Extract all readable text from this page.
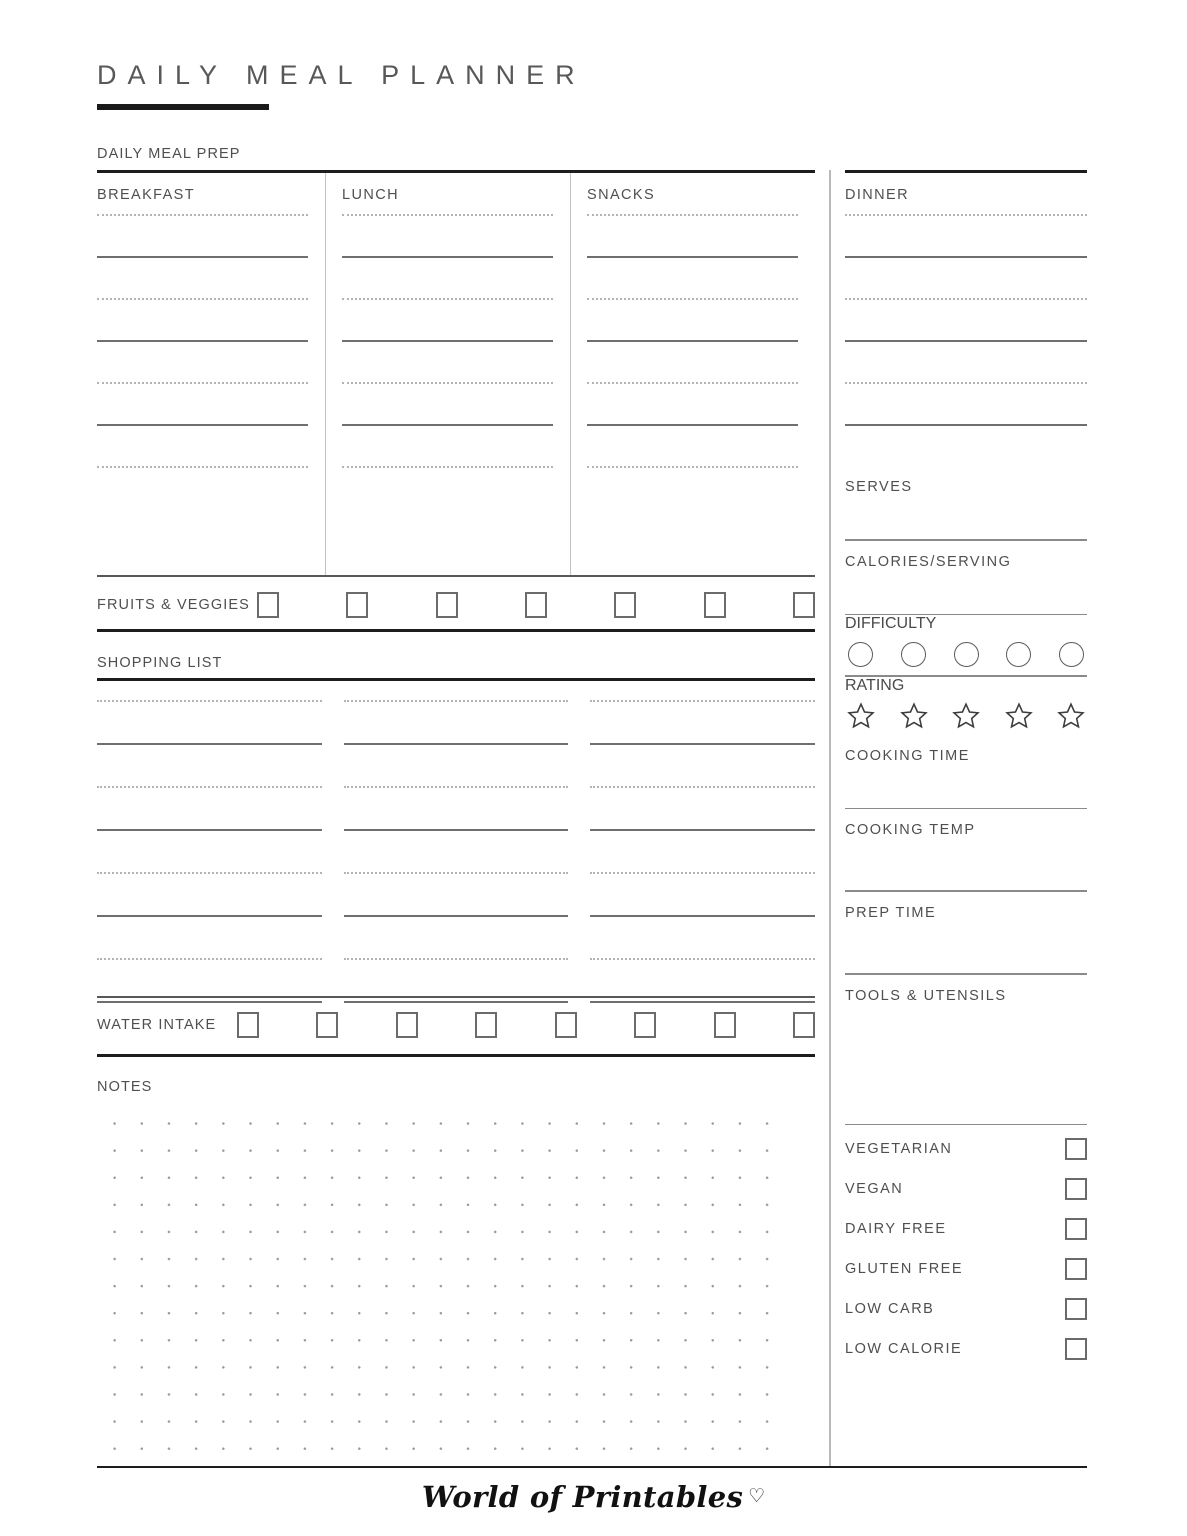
DAILY MEAL PLANNER
DAILY MEAL PREP
BREAKFAST	LUNCH	SNACKS
FRUITS & VEGGIES
SHOPPING LIST
WATER INTAKE
NOTES
DINNER
SERVES
CALORIES/SERVING
DIFFICULTY
RATING
COOKING TIME
COOKING TEMP
PREP TIME
TOOLS & UTENSILS
VEGETARIAN
VEGAN
DAIRY FREE
GLUTEN FREE
LOW CARB
LOW CALORIE
World of Printables ♡
